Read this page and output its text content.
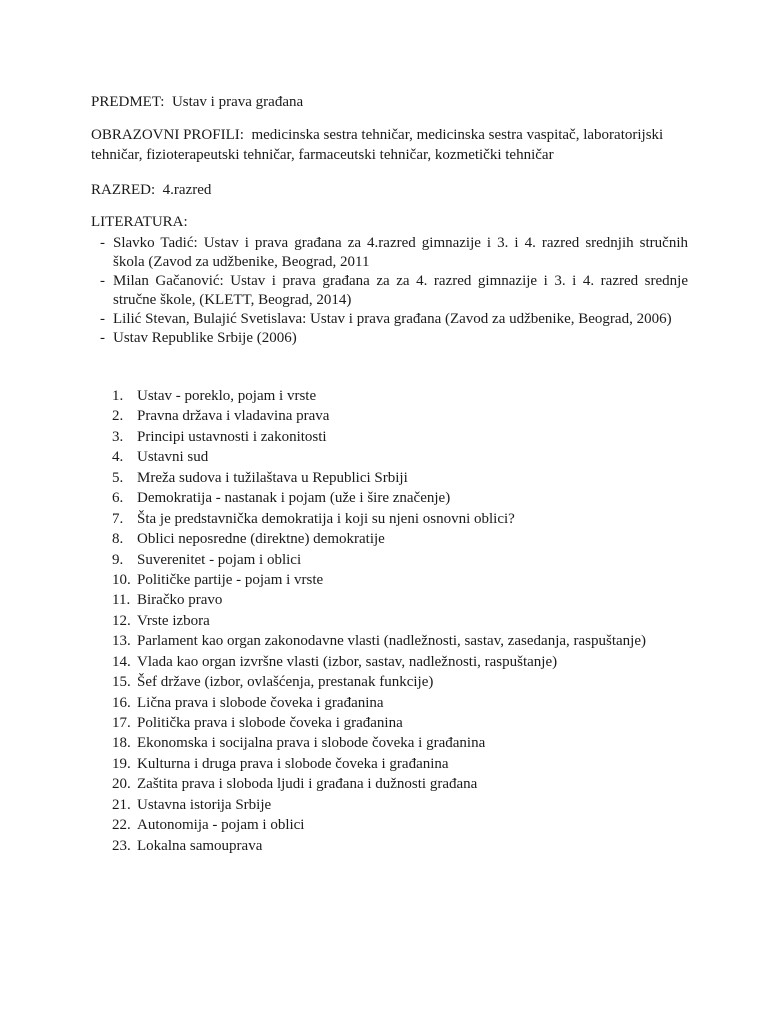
PREDMET: Ustav i prava građana
OBRAZOVNI PROFILI: medicinska sestra tehničar, medicinska sestra vaspitač, laboratorijski tehničar, fizioterapeutski tehničar, farmaceutski tehničar, kozmetički tehničar
RAZRED: 4.razred
LITERATURA:
- Slavko Tadić: Ustav i prava građana za 4.razred gimnazije i 3. i 4. razred srednjih stručnih škola (Zavod za udžbenike, Beograd, 2011
- Milan Gačanović: Ustav i prava građana za za 4. razred gimnazije i 3. i 4. razred srednje stručne škole, (KLETT, Beograd, 2014)
- Lilić Stevan, Bulajić Svetislava: Ustav i prava građana (Zavod za udžbenike, Beograd, 2006)
- Ustav Republike Srbije (2006)
1. Ustav - poreklo, pojam i vrste
2. Pravna država i vladavina prava
3. Principi ustavnosti i zakonitosti
4. Ustavni sud
5. Mreža sudova i tužilaštava u Republici Srbiji
6. Demokratija - nastanak i pojam (uže i šire značenje)
7. Šta je predstavnička demokratija i koji su njeni osnovni oblici?
8. Oblici neposredne (direktne) demokratije
9. Suverenitet - pojam i oblici
10. Političke partije - pojam i vrste
11. Biračko pravo
12. Vrste izbora
13. Parlament kao organ zakonodavne vlasti (nadležnosti, sastav, zasedanja, raspuštanje)
14. Vlada kao organ izvršne vlasti (izbor, sastav, nadležnosti, raspuštanje)
15. Šef države (izbor, ovlašćenja, prestanak funkcije)
16. Lična prava i slobode čoveka i građanina
17. Politička prava i slobode čoveka i građanina
18. Ekonomska i socijalna prava i slobode čoveka i građanina
19. Kulturna i druga prava i slobode čoveka i građanina
20. Zaštita prava i sloboda ljudi i građana i dužnosti građana
21. Ustavna istorija Srbije
22. Autonomija - pojam i oblici
23. Lokalna samouprava
